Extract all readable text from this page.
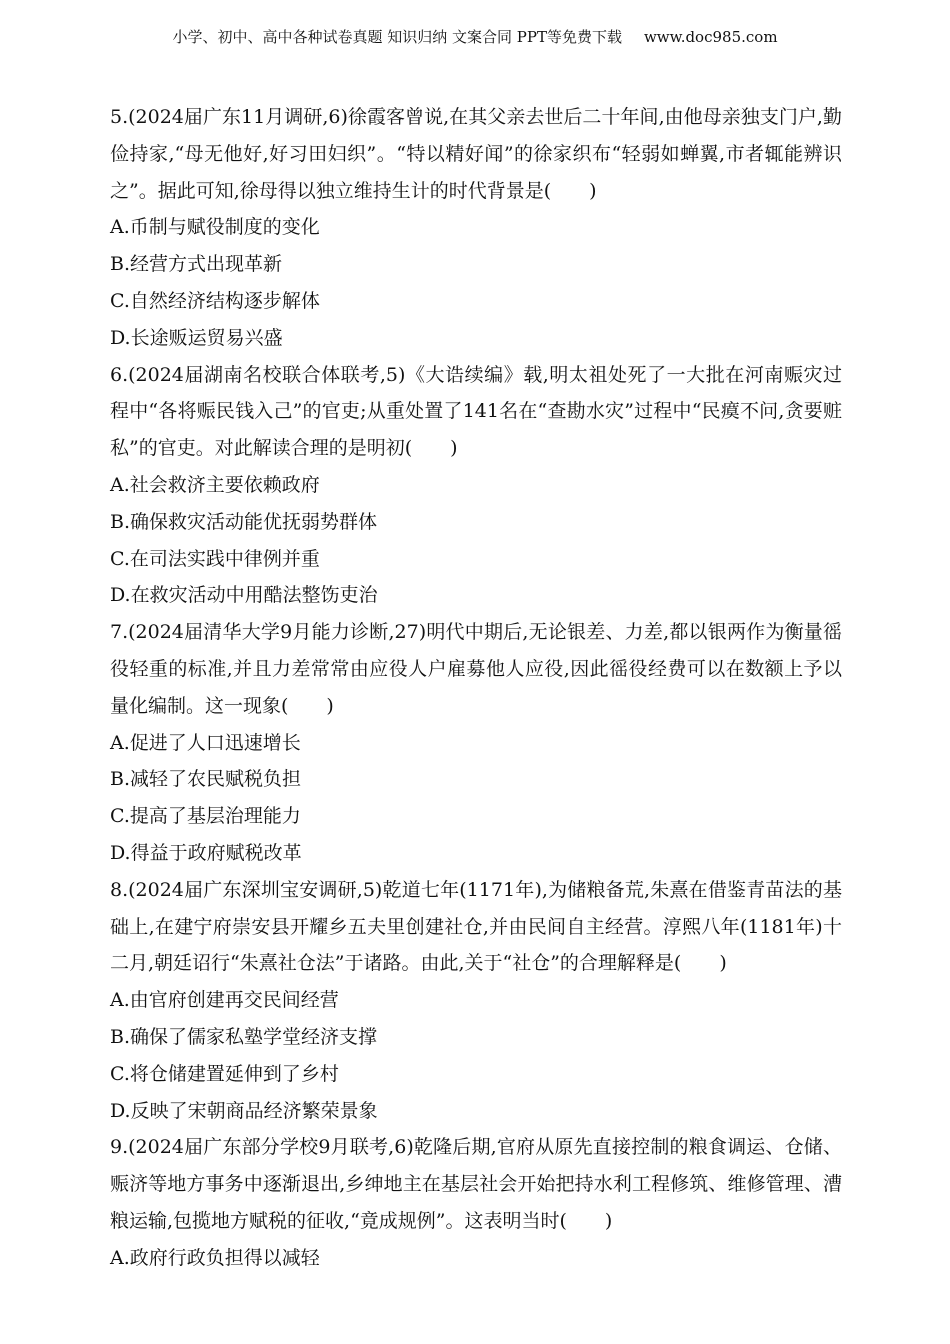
小学、初中、高中各种试卷真题 知识归纳 文案合同 PPT等免费下载 www.doc985.com

5.(2024届广东11月调研,6)徐霞客曾说,在其父亲去世后二十年间,由他母亲独支门户,勤俭持家,“母无他好,好习田妇织”。“特以精好闻”的徐家织布“轻弱如蝉翼,市者辄能辨识之”。据此可知,徐母得以独立维持生计的时代背景是(　　)

A.币制与赋役制度的变化

B.经营方式出现革新

C.自然经济结构逐步解体

D.长途贩运贸易兴盛

6.(2024届湖南名校联合体联考,5)《大诰续编》载,明太祖处死了一大批在河南赈灾过程中“各将赈民钱入己”的官吏;从重处置了141名在“查勘水灾”过程中“民瘼不问,贪要赃私”的官吏。对此解读合理的是明初(　　)

A.社会救济主要依赖政府

B.确保救灾活动能优抚弱势群体

C.在司法实践中律例并重

D.在救灾活动中用酷法整饬吏治

7.(2024届清华大学9月能力诊断,27)明代中期后,无论银差、力差,都以银两作为衡量徭役轻重的标准,并且力差常常由应役人户雇募他人应役,因此徭役经费可以在数额上予以量化编制。这一现象(　　)

A.促进了人口迅速增长

B.减轻了农民赋税负担

C.提高了基层治理能力

D.得益于政府赋税改革

8.(2024届广东深圳宝安调研,5)乾道七年(1171年),为储粮备荒,朱熹在借鉴青苗法的基础上,在建宁府崇安县开耀乡五夫里创建社仓,并由民间自主经营。淳熙八年(1181年)十二月,朝廷诏行“朱熹社仓法”于诸路。由此,关于“社仓”的合理解释是(　　)

A.由官府创建再交民间经营

B.确保了儒家私塾学堂经济支撑

C.将仓储建置延伸到了乡村

D.反映了宋朝商品经济繁荣景象

9.(2024届广东部分学校9月联考,6)乾隆后期,官府从原先直接控制的粮食调运、仓储、赈济等地方事务中逐渐退出,乡绅地主在基层社会开始把持水利工程修筑、维修管理、漕粮运输,包揽地方赋税的征收,“竟成规例”。这表明当时(　　)

A.政府行政负担得以减轻
